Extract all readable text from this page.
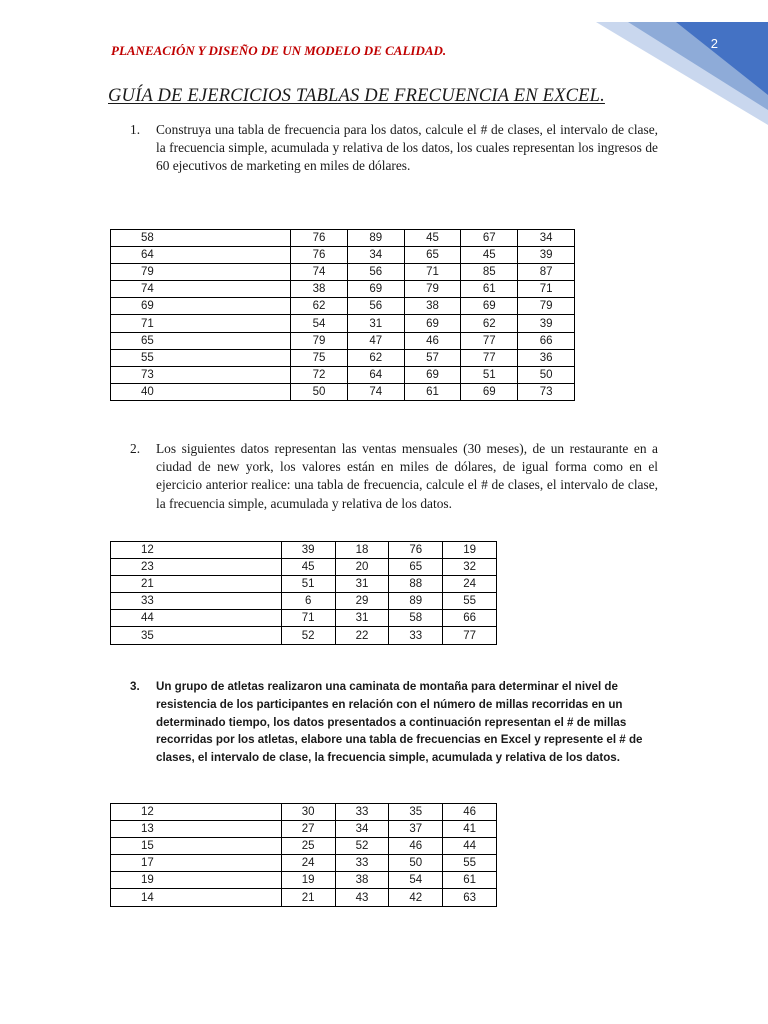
2

PLANEACIÓN Y DISEÑO DE UN MODELO DE CALIDAD.

GUÍA DE EJERCICIOS TABLAS DE FRECUENCIA EN EXCEL.
1. Construya una tabla de frecuencia para los datos, calcule el # de clases, el intervalo de clase, la frecuencia simple, acumulada y relativa de los datos, los cuales representan los ingresos de 60 ejecutivos de marketing en miles de dólares.
58	76	89	45	67	34
64	76	34	65	45	39
79	74	56	71	85	87
74	38	69	79	61	71
69	62	56	38	69	79
71	54	31	69	62	39
65	79	47	46	77	66
55	75	62	57	77	36
73	72	64	69	51	50
40	50	74	61	69	73
2. Los siguientes datos representan las ventas mensuales (30 meses), de un restaurante en a ciudad de new york, los valores están en miles de dólares, de igual forma como en el ejercicio anterior realice: una tabla de frecuencia, calcule el # de clases, el intervalo de clase, la frecuencia simple, acumulada y relativa de los datos.
12	39	18	76	19
23	45	20	65	32
21	51	31	88	24
33	6	29	89	55
44	71	31	58	66
35	52	22	33	77
3. Un grupo de atletas realizaron una caminata de montaña para determinar el nivel de resistencia de los participantes en relación con el número de millas recorridas en un determinado tiempo, los datos presentados a continuación representan el # de millas recorridas por los atletas, elabore una tabla de frecuencias en Excel y represente el # de clases, el intervalo de clase, la frecuencia simple, acumulada y relativa de los datos.
12	30	33	35	46
13	27	34	37	41
15	25	52	46	44
17	24	33	50	55
19	19	38	54	61
14	21	43	42	63
